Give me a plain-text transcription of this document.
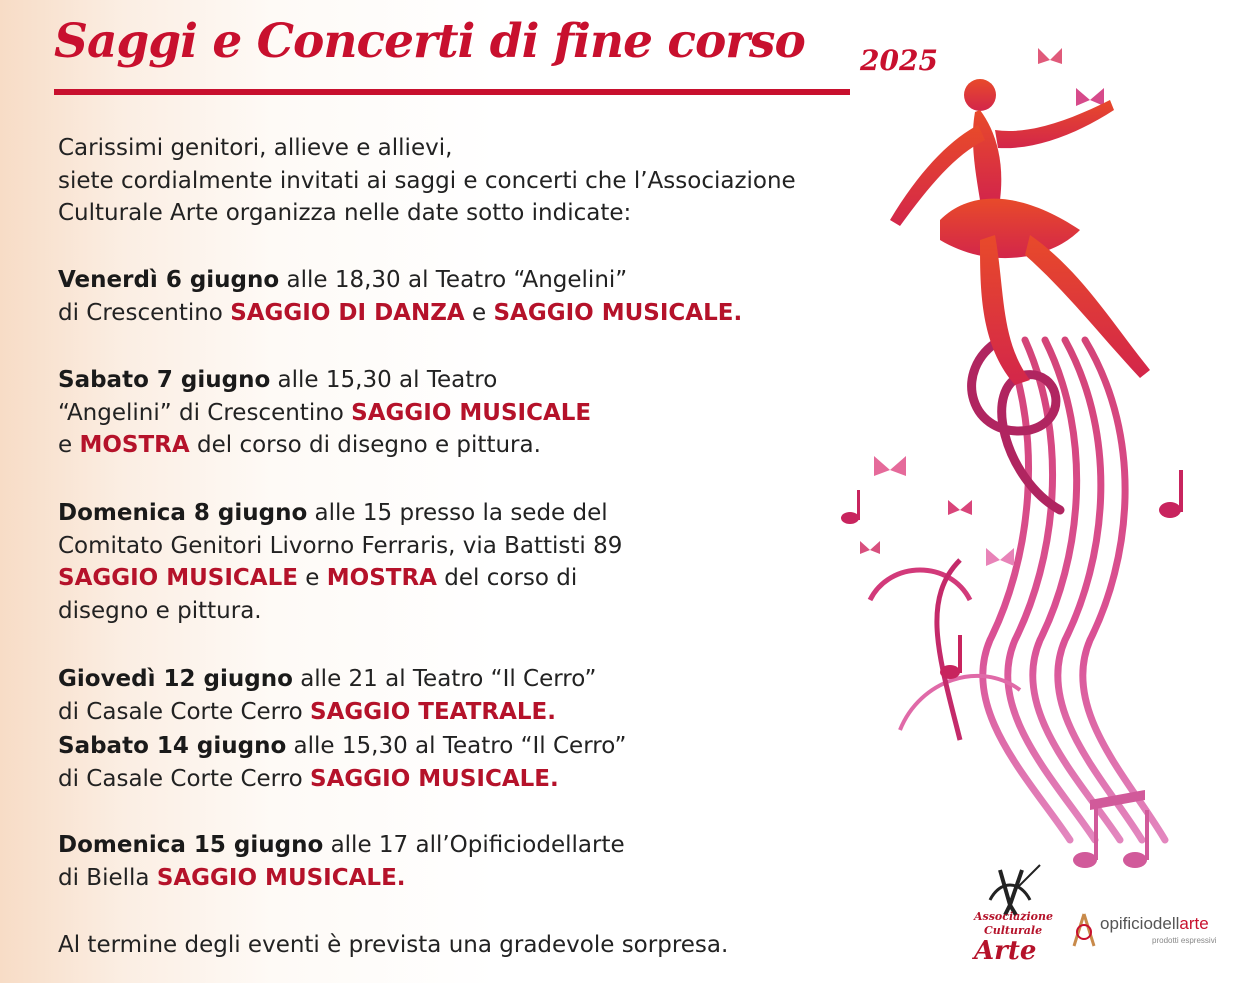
Saggi e Concerti di fine corso 2025

Carissimi genitori, allieve e allievi,

siete cordialmente invitati ai saggi e concerti che l’Associazione

Culturale Arte organizza nelle date sotto indicate:

Venerdì 6 giugno alle 18,30 al Teatro “Angelini”

di Crescentino SAGGIO DI DANZA e SAGGIO MUSICALE.

Sabato 7 giugno alle 15,30 al Teatro

“Angelini” di Crescentino SAGGIO MUSICALE

e MOSTRA del corso di disegno e pittura.

Domenica 8 giugno alle 15 presso la sede del

Comitato Genitori Livorno Ferraris, via Battisti 89

SAGGIO MUSICALE e MOSTRA del corso di

disegno e pittura.

Giovedì 12 giugno alle 21 al Teatro “Il Cerro”

di Casale Corte Cerro SAGGIO TEATRALE.

Sabato 14 giugno alle 15,30 al Teatro “Il Cerro”

di Casale Corte Cerro SAGGIO MUSICALE.

Domenica 15 giugno alle 17 all’Opificiodellarte

di Biella SAGGIO MUSICALE.

Al termine degli eventi è prevista una gradevole sorpresa.
Associazione
Culturale
Arte
opificiodellarte
prodotti espressivi
